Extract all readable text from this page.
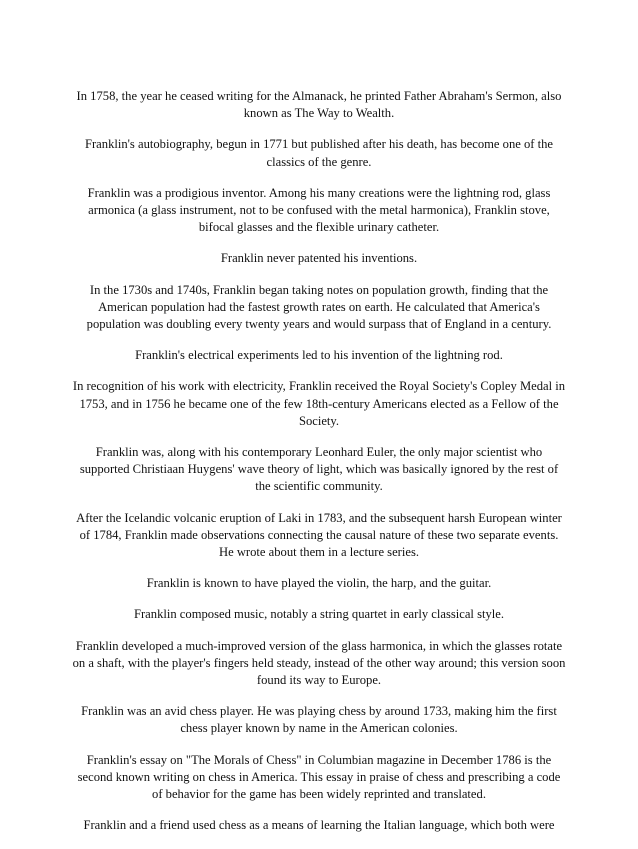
In 1758, the year he ceased writing for the Almanack, he printed Father Abraham's Sermon, also known as The Way to Wealth.

Franklin's autobiography, begun in 1771 but published after his death, has become one of the classics of the genre.

Franklin was a prodigious inventor. Among his many creations were the lightning rod, glass armonica (a glass instrument, not to be confused with the metal harmonica), Franklin stove, bifocal glasses and the flexible urinary catheter.

Franklin never patented his inventions.

In the 1730s and 1740s, Franklin began taking notes on population growth, finding that the American population had the fastest growth rates on earth. He calculated that America's population was doubling every twenty years and would surpass that of England in a century.

Franklin's electrical experiments led to his invention of the lightning rod.

In recognition of his work with electricity, Franklin received the Royal Society's Copley Medal in 1753, and in 1756 he became one of the few 18th-century Americans elected as a Fellow of the Society.

Franklin was, along with his contemporary Leonhard Euler, the only major scientist who supported Christiaan Huygens' wave theory of light, which was basically ignored by the rest of the scientific community.

After the Icelandic volcanic eruption of Laki in 1783, and the subsequent harsh European winter of 1784, Franklin made observations connecting the causal nature of these two separate events. He wrote about them in a lecture series.

Franklin is known to have played the violin, the harp, and the guitar.

Franklin composed music, notably a string quartet in early classical style.

Franklin developed a much-improved version of the glass harmonica, in which the glasses rotate on a shaft, with the player's fingers held steady, instead of the other way around; this version soon found its way to Europe.

Franklin was an avid chess player. He was playing chess by around 1733, making him the first chess player known by name in the American colonies.

Franklin's essay on "The Morals of Chess" in Columbian magazine in December 1786 is the second known writing on chess in America. This essay in praise of chess and prescribing a code of behavior for the game has been widely reprinted and translated.

Franklin and a friend used chess as a means of learning the Italian language, which both were
